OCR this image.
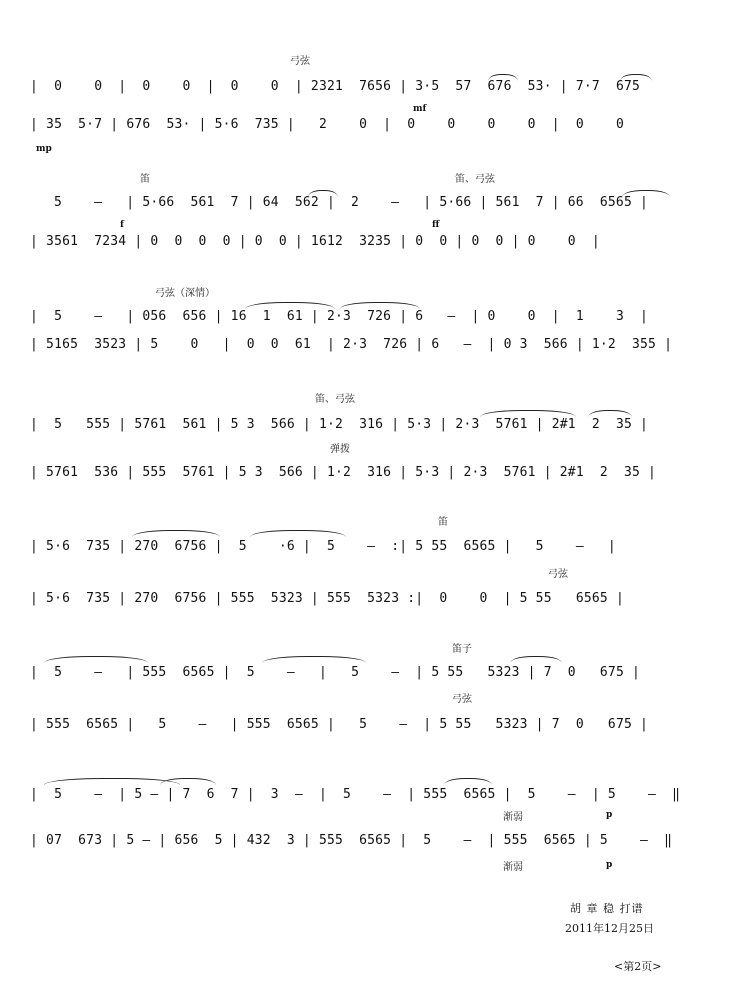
弓弦
|  0    0  |  0    0  |  0    0  | 2321  7656 | 3·5  57  676  53· | 7·7  675
mf
| 35  5·7 | 676  53· | 5·6  735 |   2    0  |  0    0    0    0  |  0    0
mp
笛	笛、弓弦
5    —   | 5·66  561  7 | 64  562 |  2    —   | 5·66 | 561  7 | 66  6565 |
f	ff
| 3561  7234 | 0  0  0  0 | 0  0 | 1612  3235 | 0  0 | 0  0 | 0    0  |
弓弦（深情）
|  5    —   | 056  656 | 16  1  61 | 2·3  726 | 6   —  | 0    0  |  1    3  |
| 5165  3523 | 5    0   |  0  0  61  | 2·3  726 | 6   —  | 0 3  566 | 1·2  355 |
笛、弓弦
|  5   555 | 5761  561 | 5 3  566 | 1·2  316 | 5·3 | 2·3  5761 | 2#1  2  35 |
弹拨
| 5761  536 | 555  5761 | 5 3  566 | 1·2  316 | 5·3 | 2·3  5761 | 2#1  2  35 |
笛
| 5·6  735 | 270  6756 |  5    ·6 |  5    —  :| 5 55  6565 |   5    —   |
弓弦
| 5·6  735 | 270  6756 | 555  5323 | 555  5323 :|  0    0  | 5 55   6565 |
笛子
|  5    —   | 555  6565 |  5    —   |   5    —  | 5 55   5323 | 7  0   675 |
弓弦
| 555  6565 |   5    —   | 555  6565 |   5    —  | 5 55   5323 | 7  0   675 |
|  5    —  | 5 — | 7  6  7 |  3  —  |  5    —  | 555  6565 |  5    —  | 5    —  ‖
渐弱	p
| 07  673 | 5 — | 656  5 | 432  3 | 555  6565 |  5    —  | 555  6565 | 5    —  ‖
渐弱	p
胡 章 稳 打谱
2011年12月25日
<第2页>
